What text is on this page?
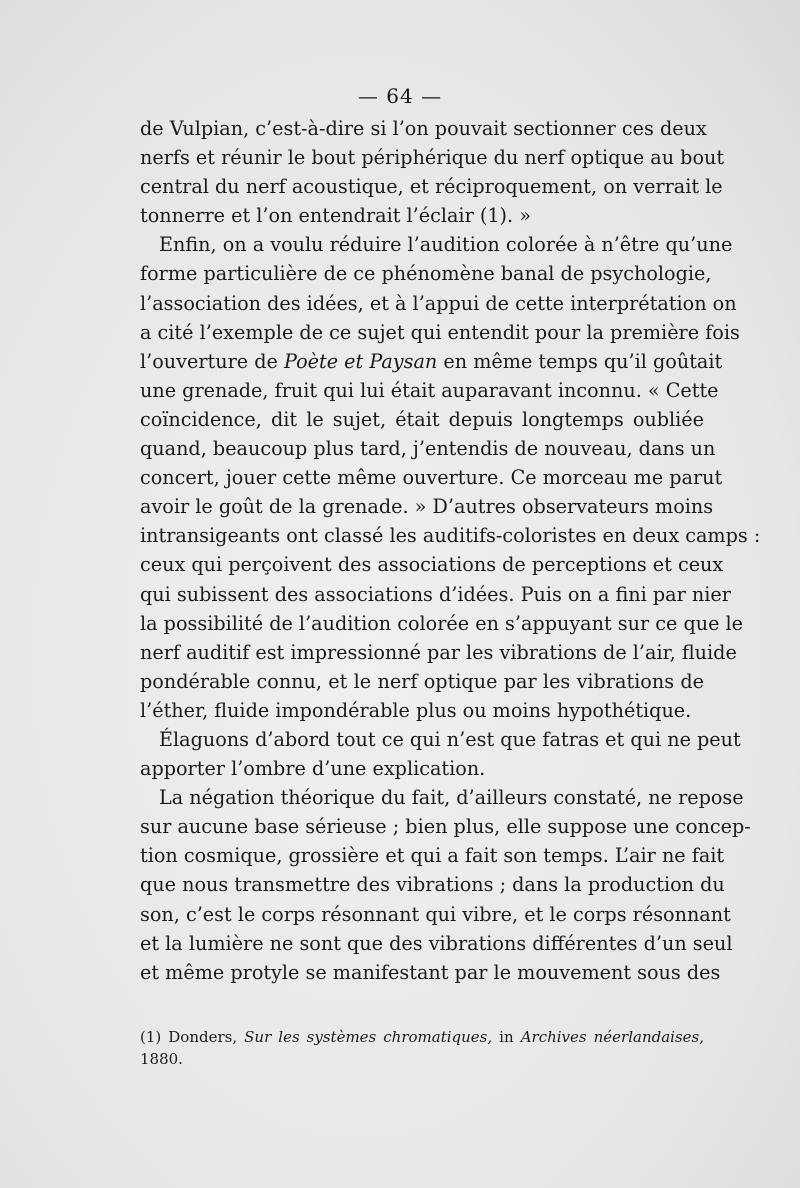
— 64 —
de Vulpian, c’est-à-dire si l’on pouvait sectionner ces deux
nerfs et réunir le bout périphérique du nerf optique au bout
central du nerf acoustique, et réciproquement, on verrait le
tonnerre et l’on entendrait l’éclair (1). »
Enfin, on a voulu réduire l’audition colorée à n’être qu’une
forme particulière de ce phénomène banal de psychologie,
l’association des idées, et à l’appui de cette interprétation on
a cité l’exemple de ce sujet qui entendit pour la première fois
l’ouverture de Poète et Paysan en même temps qu’il goûtait
une grenade, fruit qui lui était auparavant inconnu. « Cette
coïncidence, dit le sujet, était depuis longtemps oubliée
quand, beaucoup plus tard, j’entendis de nouveau, dans un
concert, jouer cette même ouverture. Ce morceau me parut
avoir le goût de la grenade. » D’autres observateurs moins
intransigeants ont classé les auditifs-coloristes en deux camps :
ceux qui perçoivent des associations de perceptions et ceux
qui subissent des associations d’idées. Puis on a fini par nier
la possibilité de l’audition colorée en s’appuyant sur ce que le
nerf auditif est impressionné par les vibrations de l’air, fluide
pondérable connu, et le nerf optique par les vibrations de
l’éther, fluide impondérable plus ou moins hypothétique.
Élaguons d’abord tout ce qui n’est que fatras et qui ne peut
apporter l’ombre d’une explication.
La négation théorique du fait, d’ailleurs constaté, ne repose
sur aucune base sérieuse ; bien plus, elle suppose une concep-
tion cosmique, grossière et qui a fait son temps. L’air ne fait
que nous transmettre des vibrations ; dans la production du
son, c’est le corps résonnant qui vibre, et le corps résonnant
et la lumière ne sont que des vibrations différentes d’un seul
et même protyle se manifestant par le mouvement sous des
(1) Donders, Sur les systèmes chromatiques, in Archives néerlandaises,
1880.
